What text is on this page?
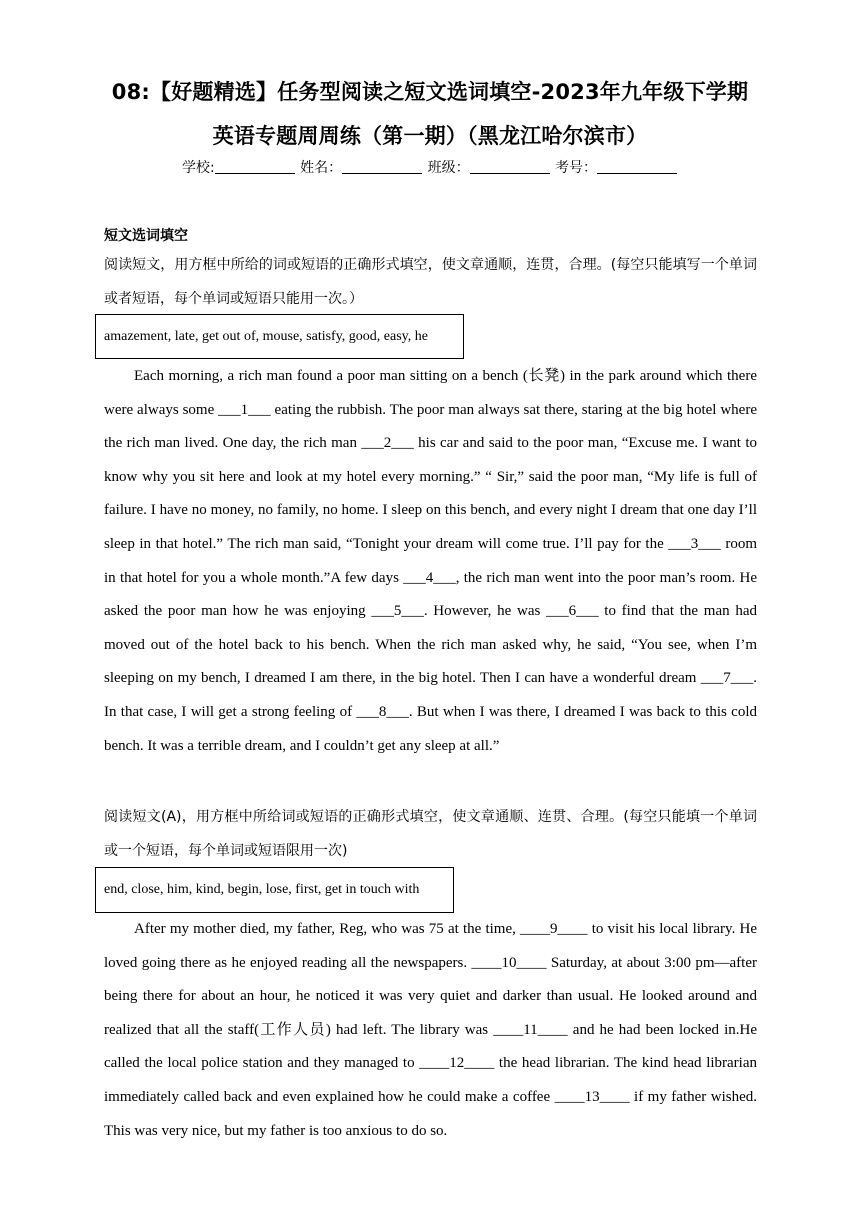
08:【好题精选】任务型阅读之短文选词填空-2023年九年级下学期
英语专题周周练（第一期）（黑龙江哈尔滨市）
学校:	姓名：	班级：	考号：
短文选词填空

阅读短文，用方框中所给的词或短语的正确形式填空，使文章通顺，连贯，合理。(每空只能填写一个单词或者短语，每个单词或短语只能用一次。）

amazement, late, get out of, mouse, satisfy, good, easy, he

Each morning, a rich man found a poor man sitting on a bench (长凳) in the park around which there were always some ___1___ eating the rubbish. The poor man always sat there, staring at the big hotel where the rich man lived. One day, the rich man ___2___ his car and said to the poor man, “Excuse me. I want to know why you sit here and look at my hotel every morning.” “ Sir,” said the poor man, “My life is full of failure. I have no money, no family, no home. I sleep on this bench, and every night I dream that one day I’ll sleep in that hotel.” The rich man said, “Tonight your dream will come true. I’ll pay for the ___3___ room in that hotel for you a whole month.”A few days ___4___, the rich man went into the poor man’s room. He asked the poor man how he was enjoying ___5___. However, he was ___6___ to find that the man had moved out of the hotel back to his bench. When the rich man asked why, he said, “You see, when I’m sleeping on my bench, I dreamed I am there, in the big hotel. Then I can have a wonderful dream ___7___. In that case, I will get a strong feeling of ___8___. But when I was there, I dreamed I was back to this cold bench. It was a terrible dream, and I couldn’t get any sleep at all.”

阅读短文(A)，用方框中所给词或短语的正确形式填空，使文章通顺、连贯、合理。(每空只能填一个单词或一个短语，每个单词或短语限用一次)

end, close, him, kind, begin, lose, first, get in touch with

After my mother died, my father, Reg, who was 75 at the time, ____9____ to visit his local library. He loved going there as he enjoyed reading all the newspapers. ____10____ Saturday, at about 3:00 pm—after being there for about an hour, he noticed it was very quiet and darker than usual. He looked around and realized that all the staff(工作人员) had left. The library was ____11____ and he had been locked in.He called the local police station and they managed to ____12____ the head librarian. The kind head librarian immediately called back and even explained how he could make a coffee ____13____ if my father wished. This was very nice, but my father is too anxious to do so.
